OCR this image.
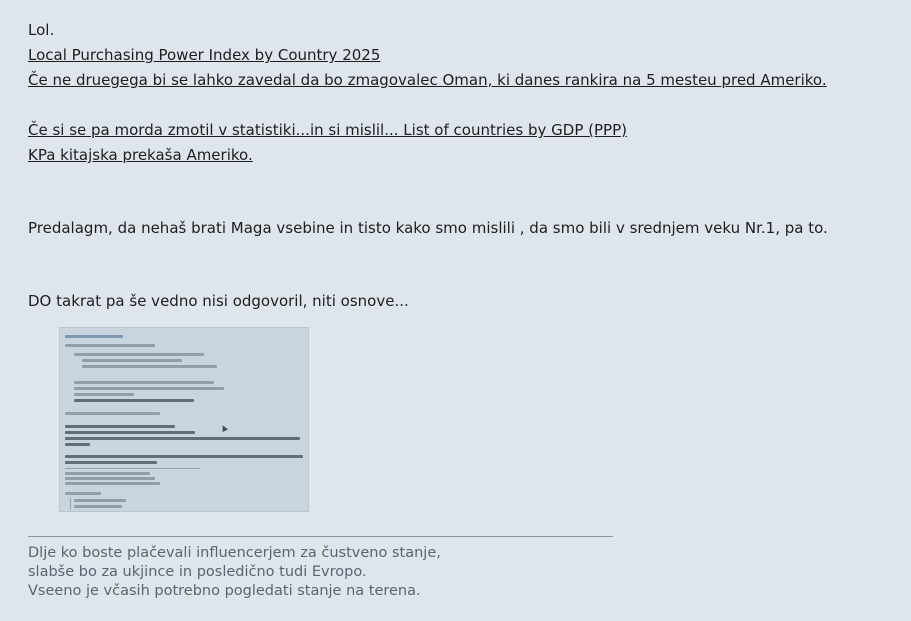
Lol.
Local Purchasing Power Index by Country 2025
Če ne druegega bi se lahko zavedal da bo zmagovalec Oman, ki danes rankira na 5 mesteu pred Ameriko.
Če si se pa morda zmotil v statistiki...in si mislil... List of countries by GDP (PPP)
KPa kitajska prekaša Ameriko.
Predalagm, da nehaš brati Maga vsebine in tisto kako smo mislili , da smo bili v srednjem veku Nr.1, pa to.
DO takrat pa še vedno nisi odgovoril, niti osnove...
Dlje ko boste plačevali influencerjem za čustveno stanje,
slabše bo za ukjince in posledično tudi Evropo.
Vseeno je včasih potrebno pogledati stanje na terena.
